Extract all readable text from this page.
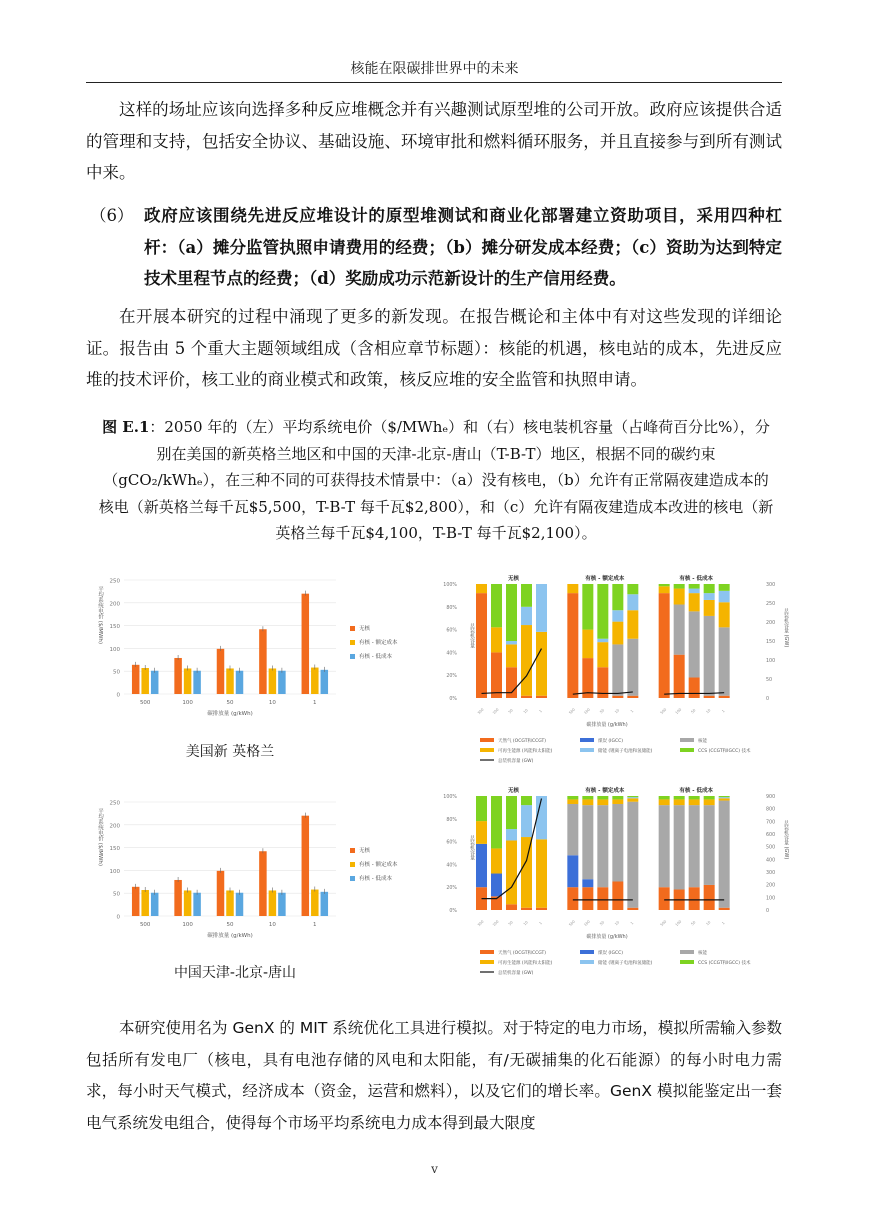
核能在限碳排世界中的未来

这样的场址应该向选择多种反应堆概念并有兴趣测试原型堆的公司开放。政府应该提供合适的管理和支持，包括安全协议、基础设施、环境审批和燃料循环服务，并且直接参与到所有测试中来。

（6） 政府应该围绕先进反应堆设计的原型堆测试和商业化部署建立资助项目，采用四种杠杆：（a）摊分监管执照申请费用的经费；（b）摊分研发成本经费；（c）资助为达到特定技术里程节点的经费；（d）奖励成功示范新设计的生产信用经费。

在开展本研究的过程中涌现了更多的新发现。在报告概论和主体中有对这些发现的详细论证。报告由 5 个重大主题领域组成（含相应章节标题）：核能的机遇，核电站的成本，先进反应堆的技术评价，核工业的商业模式和政策，核反应堆的安全监管和执照申请。

图 E.1：2050 年的（左）平均系统电价（$/MWhₑ）和（右）核电装机容量（占峰荷百分比%），分别在美国的新英格兰地区和中国的天津-北京-唐山（T-B-T）地区，根据不同的碳约束（gCO₂/kWhₑ），在三种不同的可获得技术情景中：（a）没有核电，（b）允许有正常隔夜建造成本的核电（新英格兰每千瓦$5,500，T-B-T 每千瓦$2,800），和（c）允许有隔夜建造成本改进的核电（新英格兰每千瓦$4,100，T-B-T 每千瓦$2,100）。
0
50
100
150
200
250
平均系统电价 ($/MWh)
500	100	50	10	1
碳排放量 (g/kWh)
无核
有核 - 额定成本
有核 - 低成本
美国新 英格兰
0
50
100
150
200
250
平均系统电价 ($/MWh)
500	100	50	10	1
碳排放量 (g/kWh)
无核
有核 - 额定成本
有核 - 低成本
中国天津-北京-唐山
0%
20%
40%
60%
80%
100%
0
50
100
150
200
250
300
总装机容量	总装机容量 (GW)
无核
500 100 50 10	1
有核 - 额定成本
500 100 50 10	1
有核 - 低成本
500 100 50 10	1
碳排放量 (g/kWh)
天然气 (OCGT和CCGT)	煤炭 (IGCC)	核能
可再生能源 (风能和太阳能)	储能 (锂离子电池和氢储能)	CCS (CCGT和IGCC) 技术
总装机容量 (GW)
0%
20%
40%
60%
80%
100%
0
100
200
300
400
500
600
700
800
900
总装机容量	总装机容量 (GW)
无核
500 100 50 10	1
有核 - 额定成本
500 100 50 10	1
有核 - 低成本
500 100 50 10	1
碳排放量 (g/kWh)
天然气 (OCGT和CCGT)	煤炭 (IGCC)	核能
可再生能源 (风能和太阳能)	储能 (锂离子电池和氢储能)	CCS (CCGT和IGCC) 技术
总装机容量 (GW)

本研究使用名为 GenX 的 MIT 系统优化工具进行模拟。对于特定的电力市场，模拟所需输入参数包括所有发电厂（核电，具有电池存储的风电和太阳能，有/无碳捕集的化石能源）的每小时电力需求，每小时天气模式，经济成本（资金，运营和燃料），以及它们的增长率。GenX 模拟能鉴定出一套电气系统发电组合，使得每个市场平均系统电力成本得到最大限度

v
